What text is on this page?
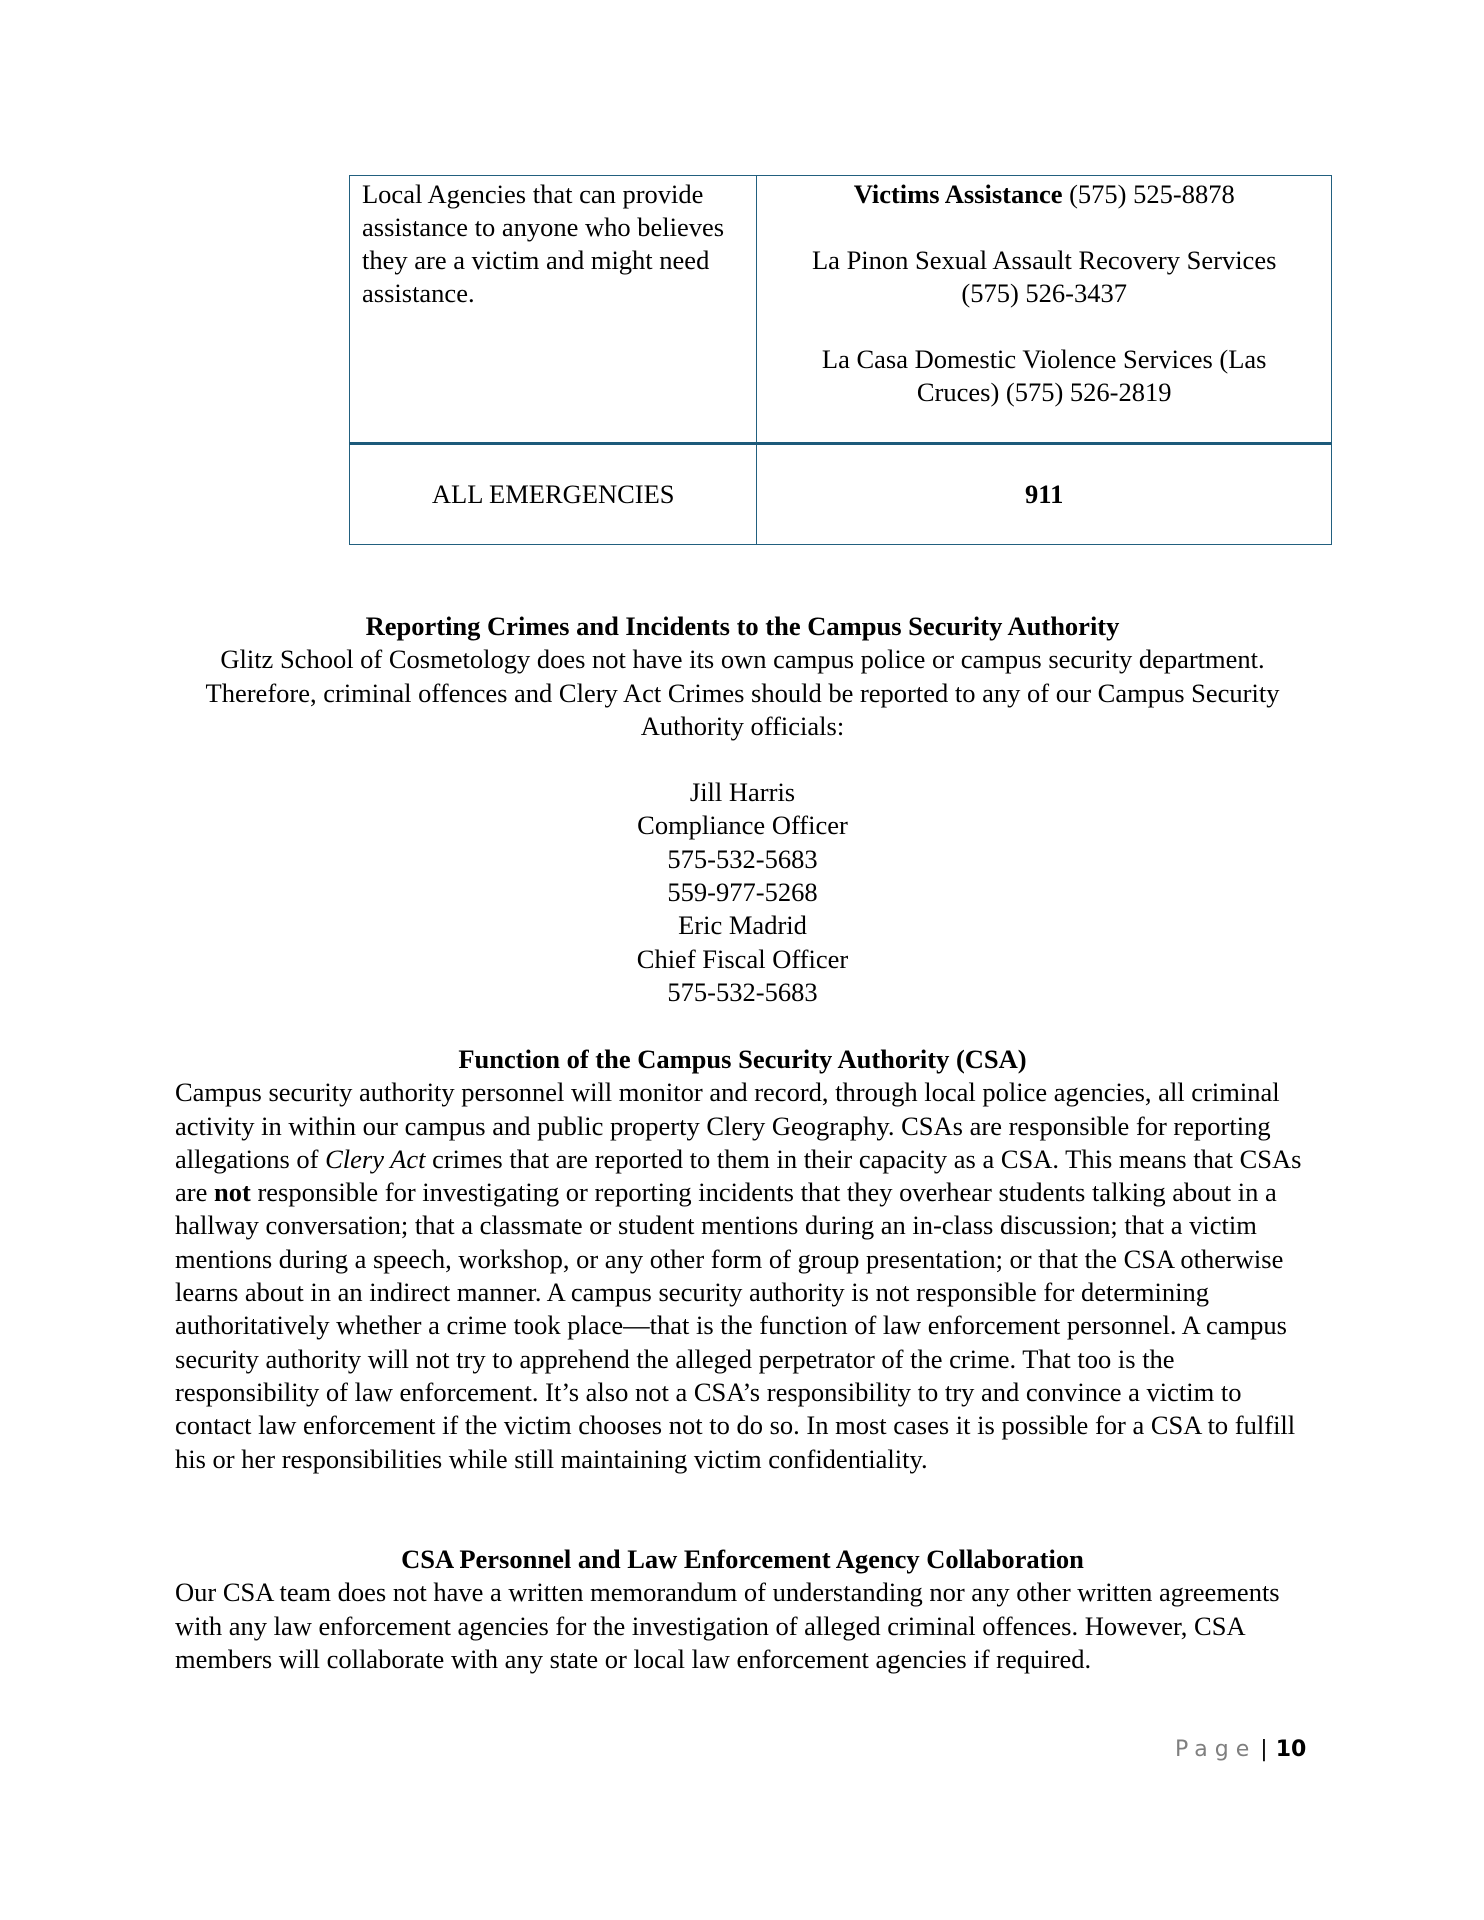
Local Agencies that can provide assistance to anyone who believes they are a victim and might need assistance.	Victims Assistance (575) 525-8878
La Pinon Sexual Assault Recovery Services (575) 526-3437
La Casa Domestic Violence Services (Las Cruces) (575) 526-2819

ALL EMERGENCIES	911
Reporting Crimes and Incidents to the Campus Security Authority

Glitz School of Cosmetology does not have its own campus police or campus security department. Therefore, criminal offences and Clery Act Crimes should be reported to any of our Campus Security Authority officials:

Jill Harris
Compliance Officer
575-532-5683
559-977-5268
Eric Madrid
Chief Fiscal Officer
575-532-5683
Function of the Campus Security Authority (CSA)

Campus security authority personnel will monitor and record, through local police agencies, all criminal activity in within our campus and public property Clery Geography. CSAs are responsible for reporting allegations of Clery Act crimes that are reported to them in their capacity as a CSA. This means that CSAs are not responsible for investigating or reporting incidents that they overhear students talking about in a hallway conversation; that a classmate or student mentions during an in-class discussion; that a victim mentions during a speech, workshop, or any other form of group presentation; or that the CSA otherwise learns about in an indirect manner. A campus security authority is not responsible for determining authoritatively whether a crime took place—that is the function of law enforcement personnel. A campus security authority will not try to apprehend the alleged perpetrator of the crime. That too is the responsibility of law enforcement. It’s also not a CSA’s responsibility to try and convince a victim to contact law enforcement if the victim chooses not to do so. In most cases it is possible for a CSA to fulfill his or her responsibilities while still maintaining victim confidentiality.

CSA Personnel and Law Enforcement Agency Collaboration

Our CSA team does not have a written memorandum of understanding nor any other written agreements with any law enforcement agencies for the investigation of alleged criminal offences. However, CSA members will collaborate with any state or local law enforcement agencies if required.

Page | 10
